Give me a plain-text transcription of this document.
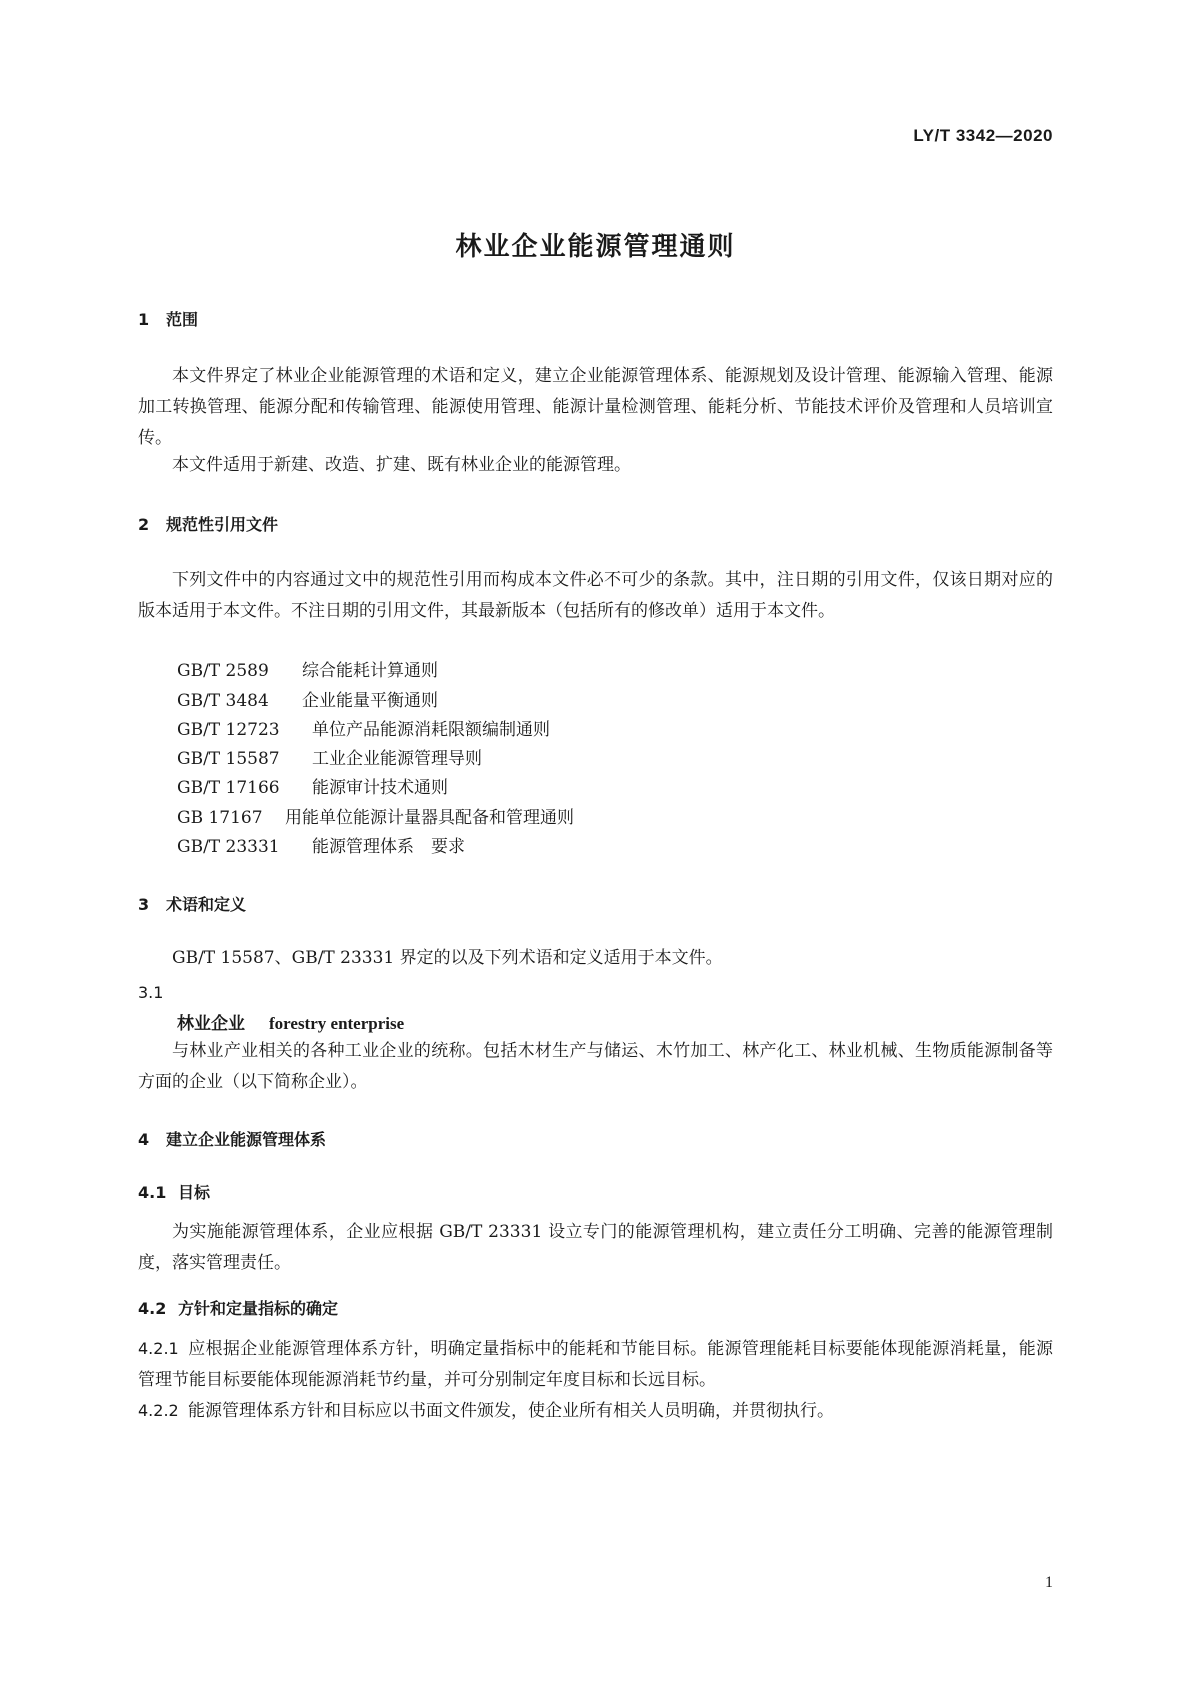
LY/T 3342—2020
林业企业能源管理通则
1 范围
本文件界定了林业企业能源管理的术语和定义，建立企业能源管理体系、能源规划及设计管理、能源输入管理、能源加工转换管理、能源分配和传输管理、能源使用管理、能源计量检测管理、能耗分析、节能技术评价及管理和人员培训宣传。
本文件适用于新建、改造、扩建、既有林业企业的能源管理。
2 规范性引用文件
下列文件中的内容通过文中的规范性引用而构成本文件必不可少的条款。其中，注日期的引用文件，仅该日期对应的版本适用于本文件。不注日期的引用文件，其最新版本（包括所有的修改单）适用于本文件。
GB/T 2589 综合能耗计算通则
GB/T 3484 企业能量平衡通则
GB/T 12723 单位产品能源消耗限额编制通则
GB/T 15587 工业企业能源管理导则
GB/T 17166 能源审计技术通则
GB 17167 用能单位能源计量器具配备和管理通则
GB/T 23331 能源管理体系　要求
3 术语和定义
GB/T 15587、GB/T 23331 界定的以及下列术语和定义适用于本文件。
3.1
林业企业 forestry enterprise
与林业产业相关的各种工业企业的统称。包括木材生产与储运、木竹加工、林产化工、林业机械、生物质能源制备等方面的企业（以下简称企业）。
4 建立企业能源管理体系
4.1 目标
为实施能源管理体系，企业应根据 GB/T 23331 设立专门的能源管理机构，建立责任分工明确、完善的能源管理制度，落实管理责任。
4.2 方针和定量指标的确定
4.2.1 应根据企业能源管理体系方针，明确定量指标中的能耗和节能目标。能源管理能耗目标要能体现能源消耗量，能源管理节能目标要能体现能源消耗节约量，并可分别制定年度目标和长远目标。
4.2.2 能源管理体系方针和目标应以书面文件颁发，使企业所有相关人员明确，并贯彻执行。
1
